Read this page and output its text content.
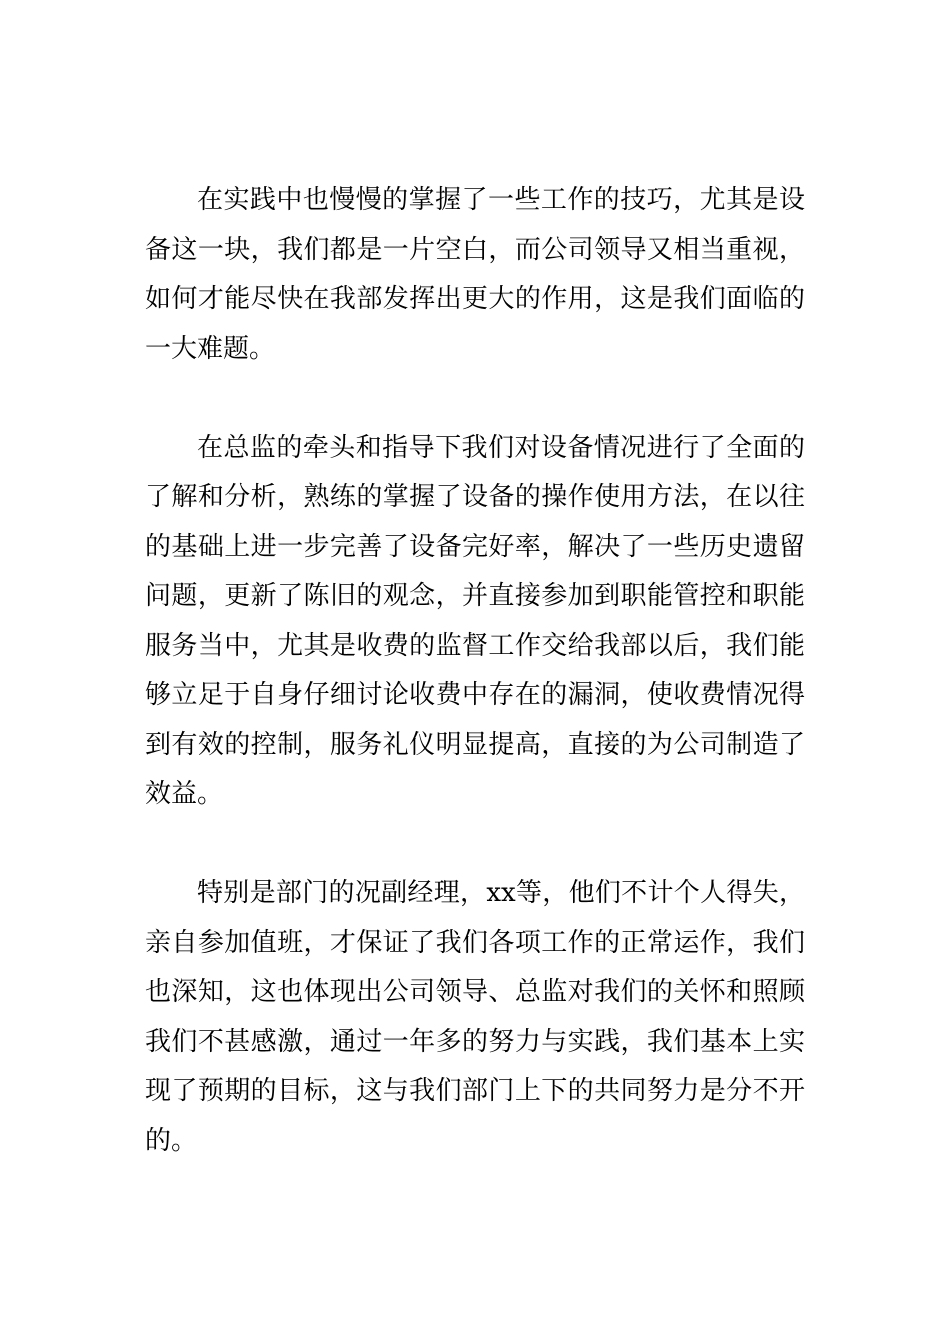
在实践中也慢慢的掌握了一些工作的技巧，尤其是设备这一块，我们都是一片空白，而公司领导又相当重视，如何才能尽快在我部发挥出更大的作用，这是我们面临的一大难题。

在总监的牵头和指导下我们对设备情况进行了全面的了解和分析，熟练的掌握了设备的操作使用方法，在以往的基础上进一步完善了设备完好率，解决了一些历史遗留问题，更新了陈旧的观念，并直接参加到职能管控和职能服务当中，尤其是收费的监督工作交给我部以后，我们能够立足于自身仔细讨论收费中存在的漏洞，使收费情况得到有效的控制，服务礼仪明显提高，直接的为公司制造了效益。

特别是部门的况副经理，xx等，他们不计个人得失，亲自参加值班，才保证了我们各项工作的正常运作，我们也深知，这也体现出公司领导、总监对我们的关怀和照顾我们不甚感激，通过一年多的努力与实践，我们基本上实现了预期的目标，这与我们部门上下的共同努力是分不开的。
